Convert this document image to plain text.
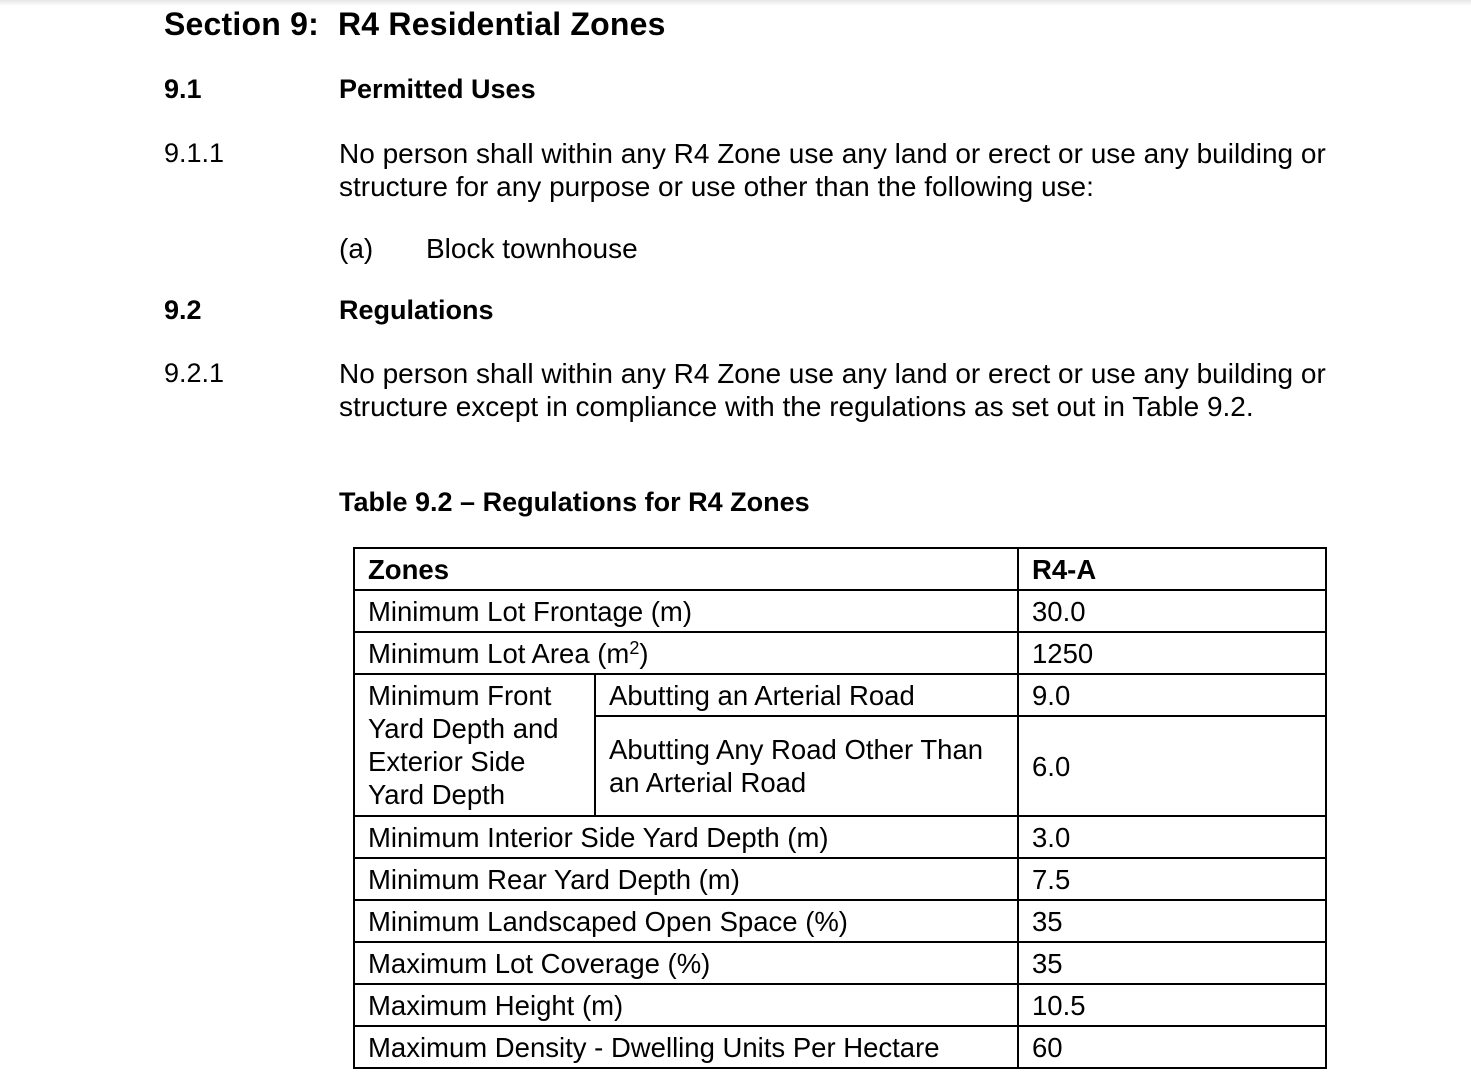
Section 9: R4 Residential Zones
9.1	Permitted Uses
9.1.1	No person shall within any R4 Zone use any land or erect or use any building or structure for any purpose or use other than the following use:
(a) Block townhouse
9.2	Regulations
9.2.1	No person shall within any R4 Zone use any land or erect or use any building or structure except in compliance with the regulations as set out in Table 9.2.
Table 9.2 – Regulations for R4 Zones
Zones		R4-A
Minimum Lot Frontage (m)		30.0
Minimum Lot Area $(m^2)$		1250
Minimum Front Yard Depth and Exterior Side Yard Depth	Abutting an Arterial Road	9.0
	Abutting Any Road Other Than an Arterial Road	6.0
Minimum Interior Side Yard Depth (m)		3.0
Minimum Rear Yard Depth (m)		7.5
Minimum Landscaped Open Space (%)		35
Maximum Lot Coverage (%)		35
Maximum Height (m)		10.5
Maximum Density - Dwelling Units Per Hectare		60
